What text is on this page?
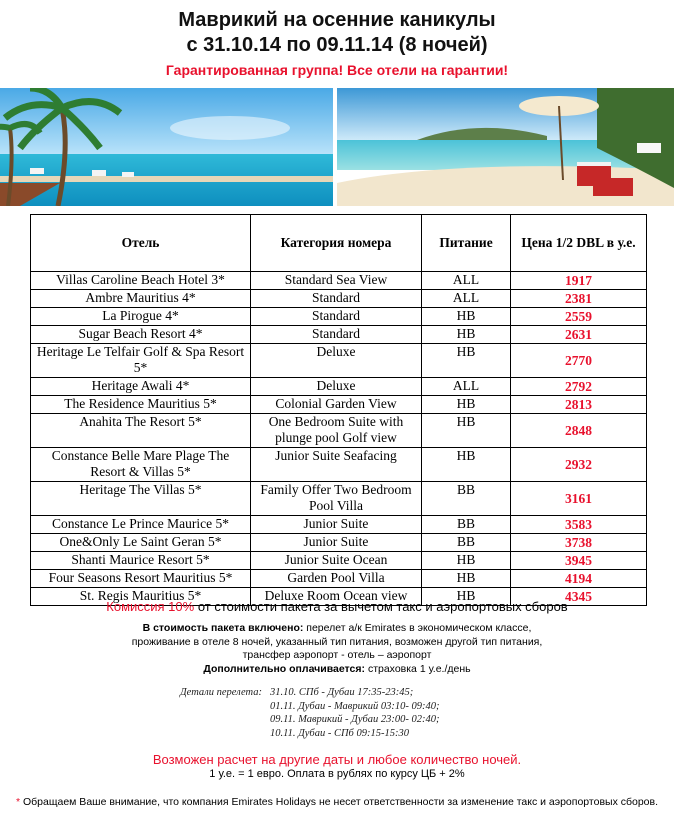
Маврикий на осенние каникулы
с 31.10.14 по 09.11.14 (8 ночей)
Гарантированная группа! Все отели на гарантии!
Отель	Категория номера	Питание	Цена 1/2 DBL в у.е.
Villas Caroline Beach Hotel 3*	Standard Sea View	ALL	1917
Ambre Mauritius 4*	Standard	ALL	2381
La Pirogue 4*	Standard	HB	2559
Sugar Beach Resort 4*	Standard	HB	2631
Heritage Le Telfair Golf & Spa Resort 5*	Deluxe	HB	2770
Heritage Awali 4*	Deluxe	ALL	2792
The Residence Mauritius 5*	Colonial Garden View	HB	2813
Anahita The Resort 5*	One Bedroom Suite with plunge pool Golf view	HB	2848
Constance Belle Mare Plage The Resort & Villas 5*	Junior Suite Seafacing	HB	2932
Heritage The Villas 5*	Family Offer Two Bedroom Pool Villa	BB	3161
Constance Le Prince Maurice 5*	Junior Suite	BB	3583
One&Only Le Saint Geran 5*	Junior Suite	BB	3738
Shanti Maurice Resort 5*	Junior Suite Ocean	HB	3945
Four Seasons Resort Mauritius 5*	Garden Pool Villa	HB	4194
St. Regis Mauritius 5*	Deluxe Room Ocean view	HB	4345
Комиссия 10% от стоимости пакета за вычетом такс и аэропортовых сборов
В стоимость пакета включено: перелет а/к Emirates в экономическом классе,
проживание в отеле 8 ночей, указанный тип питания, возможен другой тип питания,
трансфер аэропорт - отель – аэропорт
Дополнительно оплачивается: страховка 1 у.е./день
Детали перелета: 31.10. СПб - Дубаи 17:35-23:45;
01.11. Дубаи - Маврикий 03:10- 09:40;
09.11. Маврикий - Дубаи 23:00- 02:40;
10.11. Дубаи - СПб 09:15-15:30
Возможен расчет на другие даты и любое количество ночей.
1 у.е. = 1 евро. Оплата в рублях по курсу ЦБ + 2%
* Обращаем Ваше внимание, что компания Emirates Holidays не несет ответственности за изменение такс и аэропортовых сборов.
